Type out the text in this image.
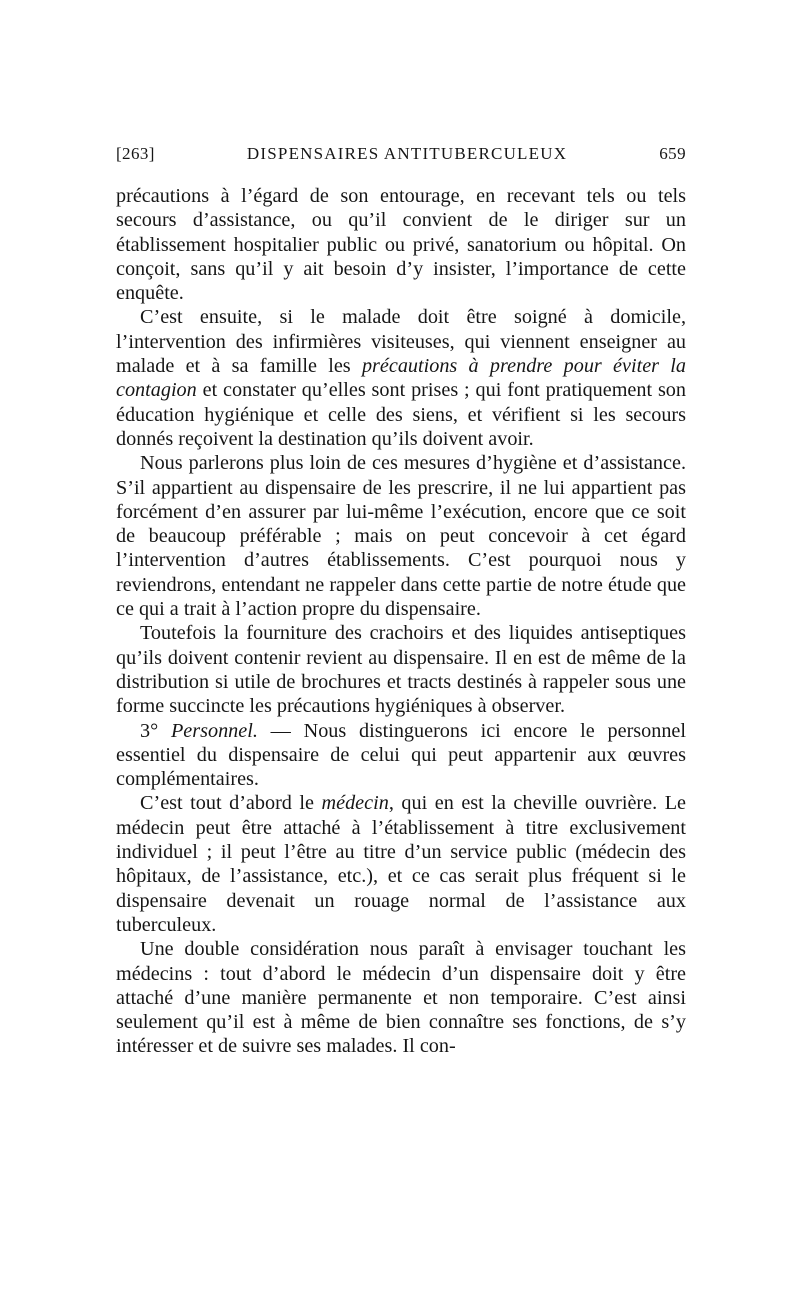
[263]	DISPENSAIRES ANTITUBERCULEUX	659

précautions à l’égard de son entourage, en recevant tels ou tels secours d’assistance, ou qu’il convient de le diriger sur un établissement hospitalier public ou privé, sanatorium ou hôpital. On conçoit, sans qu’il y ait besoin d’y insister, l’importance de cette enquête.

C’est ensuite, si le malade doit être soigné à domicile, l’intervention des infirmières visiteuses, qui viennent enseigner au malade et à sa famille les précautions à prendre pour éviter la contagion et constater qu’elles sont prises ; qui font pratiquement son éducation hygiénique et celle des siens, et vérifient si les secours donnés reçoivent la destination qu’ils doivent avoir.

Nous parlerons plus loin de ces mesures d’hygiène et d’assistance. S’il appartient au dispensaire de les prescrire, il ne lui appartient pas forcément d’en assurer par lui-même l’exécution, encore que ce soit de beaucoup préférable ; mais on peut concevoir à cet égard l’intervention d’autres établissements. C’est pourquoi nous y reviendrons, entendant ne rappeler dans cette partie de notre étude que ce qui a trait à l’action propre du dispensaire.

Toutefois la fourniture des crachoirs et des liquides antiseptiques qu’ils doivent contenir revient au dispensaire. Il en est de même de la distribution si utile de brochures et tracts destinés à rappeler sous une forme succincte les précautions hygiéniques à observer.

3° Personnel. — Nous distinguerons ici encore le personnel essentiel du dispensaire de celui qui peut appartenir aux œuvres complémentaires.

C’est tout d’abord le médecin, qui en est la cheville ouvrière. Le médecin peut être attaché à l’établissement à titre exclusivement individuel ; il peut l’être au titre d’un service public (médecin des hôpitaux, de l’assistance, etc.), et ce cas serait plus fréquent si le dispensaire devenait un rouage normal de l’assistance aux tuberculeux.

Une double considération nous paraît à envisager touchant les médecins : tout d’abord le médecin d’un dispensaire doit y être attaché d’une manière permanente et non temporaire. C’est ainsi seulement qu’il est à même de bien connaître ses fonctions, de s’y intéresser et de suivre ses malades. Il con-
